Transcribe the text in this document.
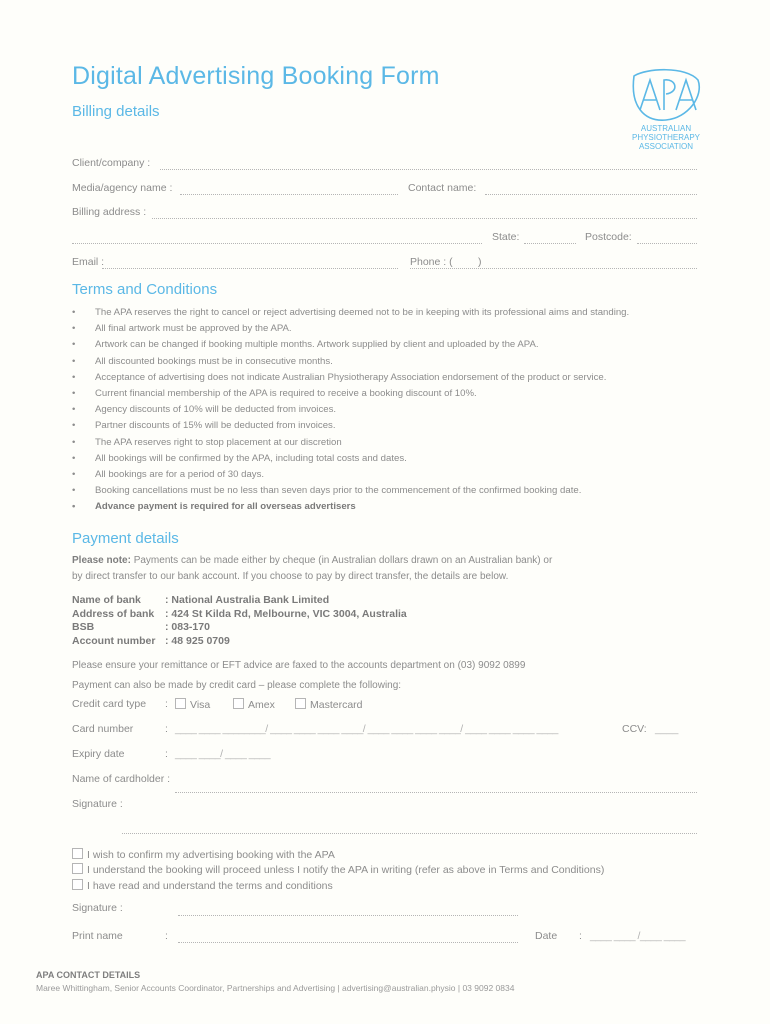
Digital Advertising Booking Form
Billing details
AUSTRALIAN
PHYSIOTHERAPY
ASSOCIATION
Client/company :
Media/agency name :	Contact name:
Billing address :
State:	Postcode:
Email :	Phone : ( )
Terms and Conditions
• The APA reserves the right to cancel or reject advertising deemed not to be in keeping with its professional aims and standing.
• All final artwork must be approved by the APA.
• Artwork can be changed if booking multiple months. Artwork supplied by client and uploaded by the APA.
• All discounted bookings must be in consecutive months.
• Acceptance of advertising does not indicate Australian Physiotherapy Association endorsement of the product or service.
• Current financial membership of the APA is required to receive a booking discount of 10%.
• Agency discounts of 10% will be deducted from invoices.
• Partner discounts of 15% will be deducted from invoices.
• The APA reserves right to stop placement at our discretion
• All bookings will be confirmed by the APA, including total costs and dates.
• All bookings are for a period of 30 days.
• Booking cancellations must be no less than seven days prior to the commencement of the confirmed booking date.
• Advance payment is required for all overseas advertisers
Payment details
Please note: Payments can be made either by cheque (in Australian dollars drawn on an Australian bank) or
by direct transfer to our bank account. If you choose to pay by direct transfer, the details are below.
Name of bank	: National Australia Bank Limited
Address of bank	: 424 St Kilda Rd, Melbourne, VIC 3004, Australia
BSB	: 083-170
Account number : 48 925 0709
Please ensure your remittance or EFT advice are faxed to the accounts department on (03) 9092 0899
Payment can also be made by credit card – please complete the following:
Credit card type :	Visa	Amex	Mastercard
Card number	: ____ ____ ________/ ____ ____ ____ ____/ ____ ____ ____ ____/ ____ ____ ____ ____	CCV: ____
Expiry date	: ____ ____/ ____ ____
Name of cardholder :
Signature :
I wish to confirm my advertising booking with the APA
I understand the booking will proceed unless I notify the APA in writing (refer as above in Terms and Conditions)
I have read and understand the terms and conditions
Signature :
Print name	:	Date : ____ ____ /____ ____
APA CONTACT DETAILS
Maree Whittingham, Senior Accounts Coordinator, Partnerships and Advertising | advertising@australian.physio | 03 9092 0834
